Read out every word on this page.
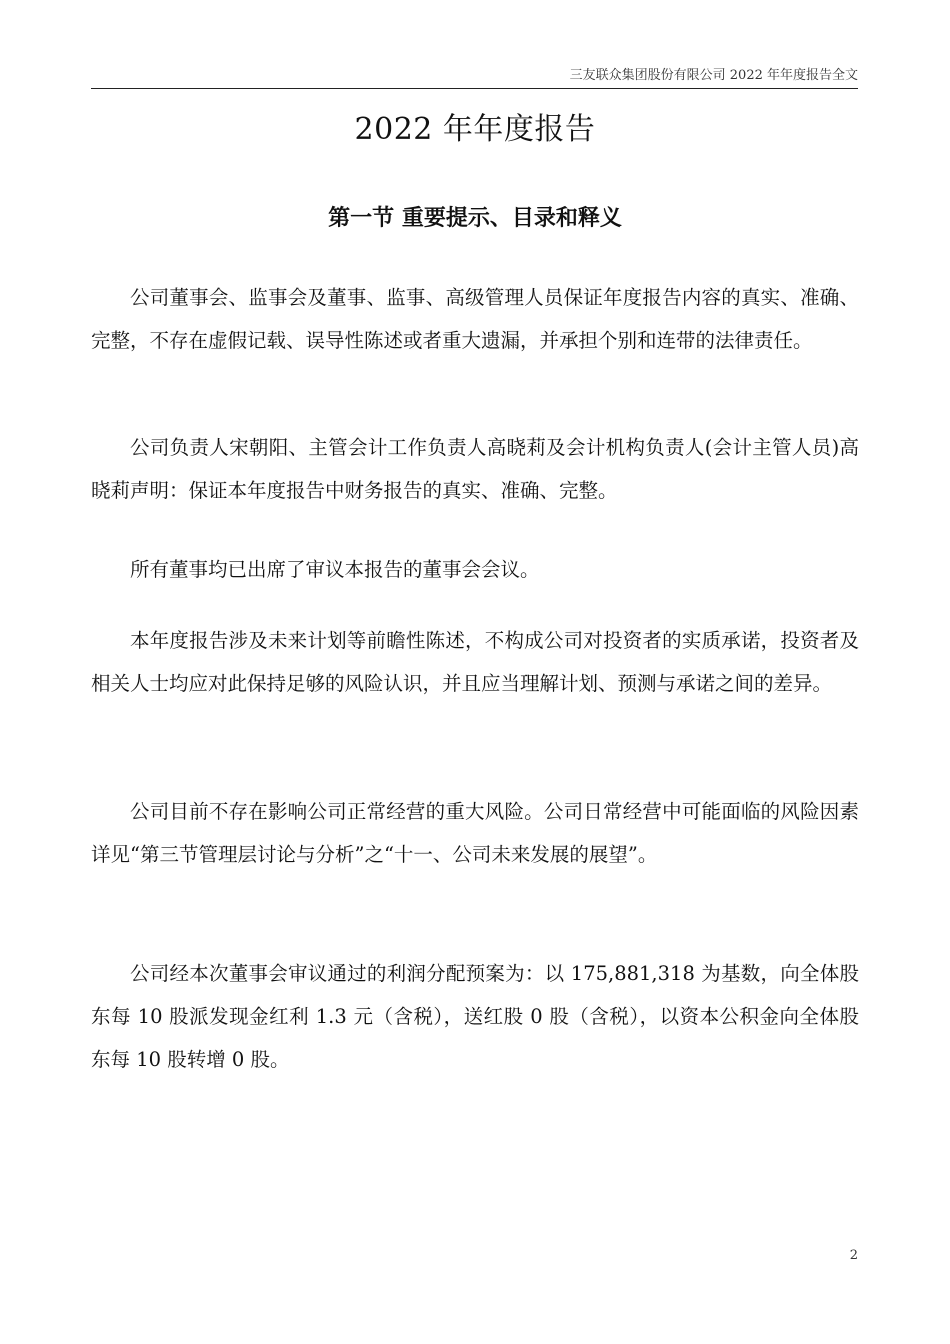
三友联众集团股份有限公司 2022 年年度报告全文
2022 年年度报告
第一节 重要提示、目录和释义

公司董事会、监事会及董事、监事、高级管理人员保证年度报告内容的真实、准确、完整，不存在虚假记载、误导性陈述或者重大遗漏，并承担个别和连带的法律责任。

公司负责人宋朝阳、主管会计工作负责人高晓莉及会计机构负责人(会计主管人员)高晓莉声明：保证本年度报告中财务报告的真实、准确、完整。

所有董事均已出席了审议本报告的董事会会议。

本年度报告涉及未来计划等前瞻性陈述，不构成公司对投资者的实质承诺，投资者及相关人士均应对此保持足够的风险认识，并且应当理解计划、预测与承诺之间的差异。

公司目前不存在影响公司正常经营的重大风险。公司日常经营中可能面临的风险因素详见“第三节管理层讨论与分析”之“十一、公司未来发展的展望”。

公司经本次董事会审议通过的利润分配预案为：以 175,881,318 为基数，向全体股东每 10 股派发现金红利 1.3 元（含税），送红股 0 股（含税），以资本公积金向全体股东每 10 股转增 0 股。

2
